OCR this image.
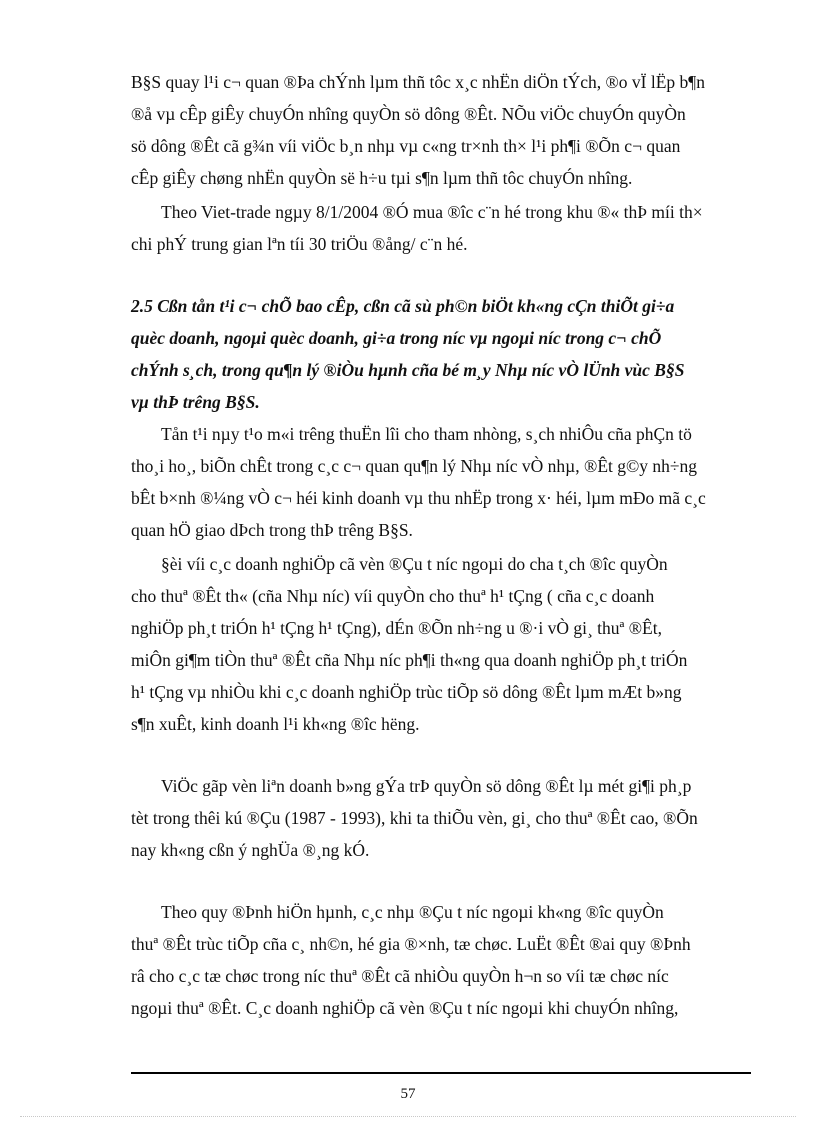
B§S quay l¹i c¬ quan ®Þa chÝnh lµm thñ tôc x¸c nhËn diÖn tÝch, ®o vÏ lËp b¶n
®å vµ cÊp giÊy chuyÓn nhîng quyÒn sö dông ®Êt. NÕu viÖc chuyÓn quyÒn
sö dông ®Êt cã g¾n víi viÖc b¸n nhµ vµ c«ng tr×nh th× l¹i ph¶i ®Õn c¬ quan
cÊp giÊy chøng nhËn quyÒn së h÷u tµi s¶n lµm thñ tôc chuyÓn nhîng.
Theo Viet-trade ngµy 8/1/2004 ®Ó mua ®îc c¨n hé trong khu ®« thÞ míi th×
chi phÝ trung gian lªn tíi 30 triÖu ®ång/ c¨n hé.
2.5 Cßn tån t¹i c¬ chÕ bao cÊp, cßn cã sù ph©n biÖt kh«ng cÇn thiÕt gi÷a
quèc doanh, ngoµi quèc doanh, gi÷a trong níc vµ ngoµi níc trong c¬ chÕ
chÝnh s¸ch, trong qu¶n lý ®iÒu hµnh cña bé m¸y Nhµ níc vÒ lÜnh vùc B§S
vµ thÞ trêng B§S.
Tån t¹i nµy t¹o m«i trêng thuËn lîi cho tham nhòng, s¸ch nhiÔu cña phÇn tö
tho¸i ho¸, biÕn chÊt trong c¸c c¬ quan qu¶n lý Nhµ níc vÒ nhµ, ®Êt g©y nh÷ng
bÊt b×nh ®¼ng vÒ c¬ héi kinh doanh vµ thu nhËp trong x· héi, lµm mÐo mã c¸c
quan hÖ giao dÞch trong thÞ trêng B§S.
§èi víi c¸c doanh nghiÖp cã vèn ®Çu t níc ngoµi do cha t¸ch ®îc quyÒn
cho thuª ®Êt th« (cña Nhµ níc) víi quyÒn cho thuª h¹ tÇng ( cña c¸c doanh
nghiÖp ph¸t triÓn h¹ tÇng h¹ tÇng), dÉn ®Õn nh÷ng u ®·i vÒ gi¸ thuª ®Êt,
miÔn gi¶m tiÒn thuª ®Êt cña Nhµ níc ph¶i th«ng qua doanh nghiÖp ph¸t triÓn
h¹ tÇng vµ nhiÒu khi c¸c doanh nghiÖp trùc tiÕp sö dông ®Êt lµm mÆt b»ng
s¶n xuÊt, kinh doanh l¹i kh«ng ®îc hëng.
ViÖc gãp vèn liªn doanh b»ng gÝa trÞ quyÒn sö dông ®Êt lµ mét gi¶i ph¸p
tèt trong thêi kú ®Çu (1987 - 1993), khi ta thiÕu vèn, gi¸ cho thuª ®Êt cao, ®Õn
nay kh«ng cßn ý nghÜa ®¸ng kÓ.
Theo quy ®Þnh hiÖn hµnh, c¸c nhµ ®Çu t níc ngoµi kh«ng ®îc quyÒn
thuª ®Êt trùc tiÕp cña c¸ nh©n, hé gia ®×nh, tæ chøc. LuËt ®Êt ®ai quy ®Þnh
râ cho c¸c tæ chøc trong níc thuª ®Êt cã nhiÒu quyÒn h¬n so víi tæ chøc níc
ngoµi thuª ®Êt. C¸c doanh nghiÖp cã vèn ®Çu t níc ngoµi khi chuyÓn nhîng,
57
